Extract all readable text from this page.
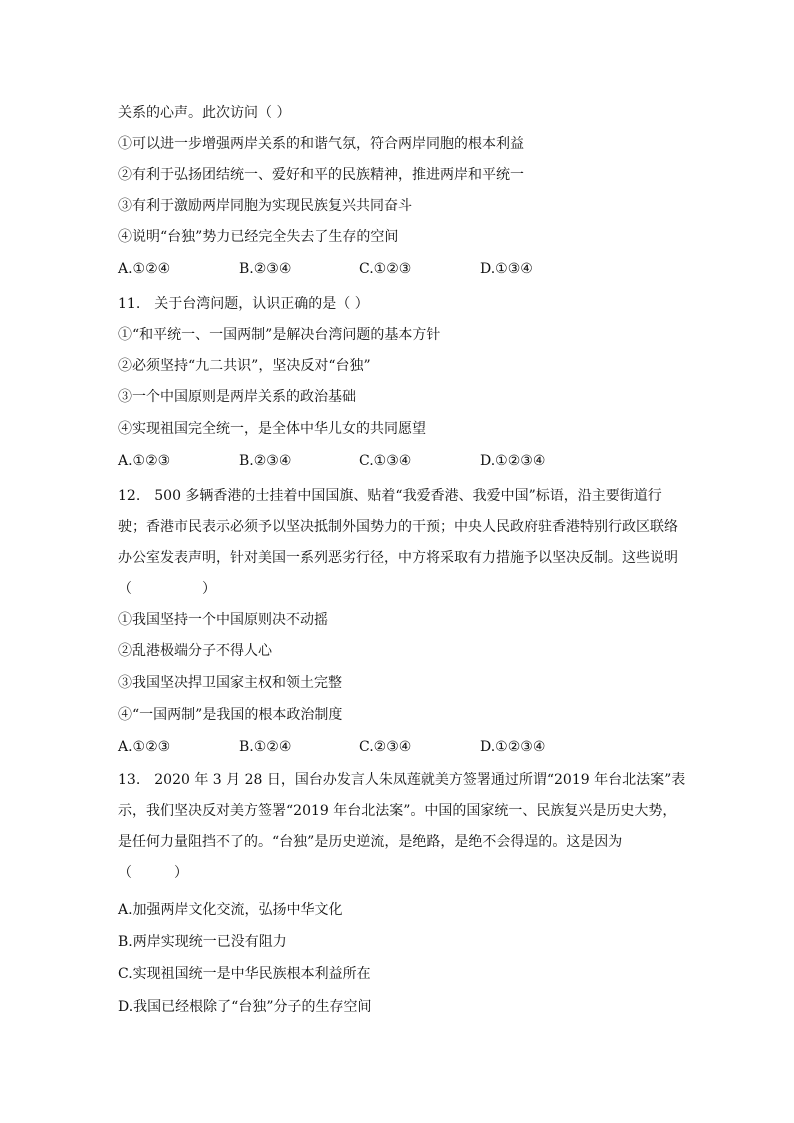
关系的心声。此次访问（ ）
①可以进一步增强两岸关系的和谐气氛，符合两岸同胞的根本利益
②有利于弘扬团结统一、爱好和平的民族精神，推进两岸和平统一
③有利于激励两岸同胞为实现民族复兴共同奋斗
④说明“台独”势力已经完全失去了生存的空间
A.①②④	B.②③④	C.①②③	D.①③④
11.　关于台湾问题，认识正确的是（ ）
①“和平统一、一国两制”是解决台湾问题的基本方针
②必须坚持“九二共识”，坚决反对“台独”
③一个中国原则是两岸关系的政治基础
④实现祖国完全统一，是全体中华儿女的共同愿望
A.①②③	B.②③④	C.①③④	D.①②③④
12.　500 多辆香港的士挂着中国国旗、贴着“我爱香港、我爱中国”标语，沿主要街道行
驶；香港市民表示必须予以坚决抵制外国势力的干预；中央人民政府驻香港特别行政区联络
办公室发表声明，针对美国一系列恶劣行径，中方将采取有力措施予以坚决反制。这些说明
（　　　　　）
①我国坚持一个中国原则决不动摇
②乱港极端分子不得人心
③我国坚决捍卫国家主权和领土完整
④“一国两制”是我国的根本政治制度
A.①②③	B.①②④	C.②③④	D.①②③④
13.　2020 年 3 月 28 日，国台办发言人朱凤莲就美方签署通过所谓“2019 年台北法案”表
示，我们坚决反对美方签署“2019 年台北法案”。中国的国家统一、民族复兴是历史大势，
是任何力量阻挡不了的。“台独”是历史逆流，是绝路，是绝不会得逞的。这是因为
（　　　）
A.加强两岸文化交流，弘扬中华文化
B.两岸实现统一已没有阻力
C.实现祖国统一是中华民族根本利益所在
D.我国已经根除了“台独”分子的生存空间
